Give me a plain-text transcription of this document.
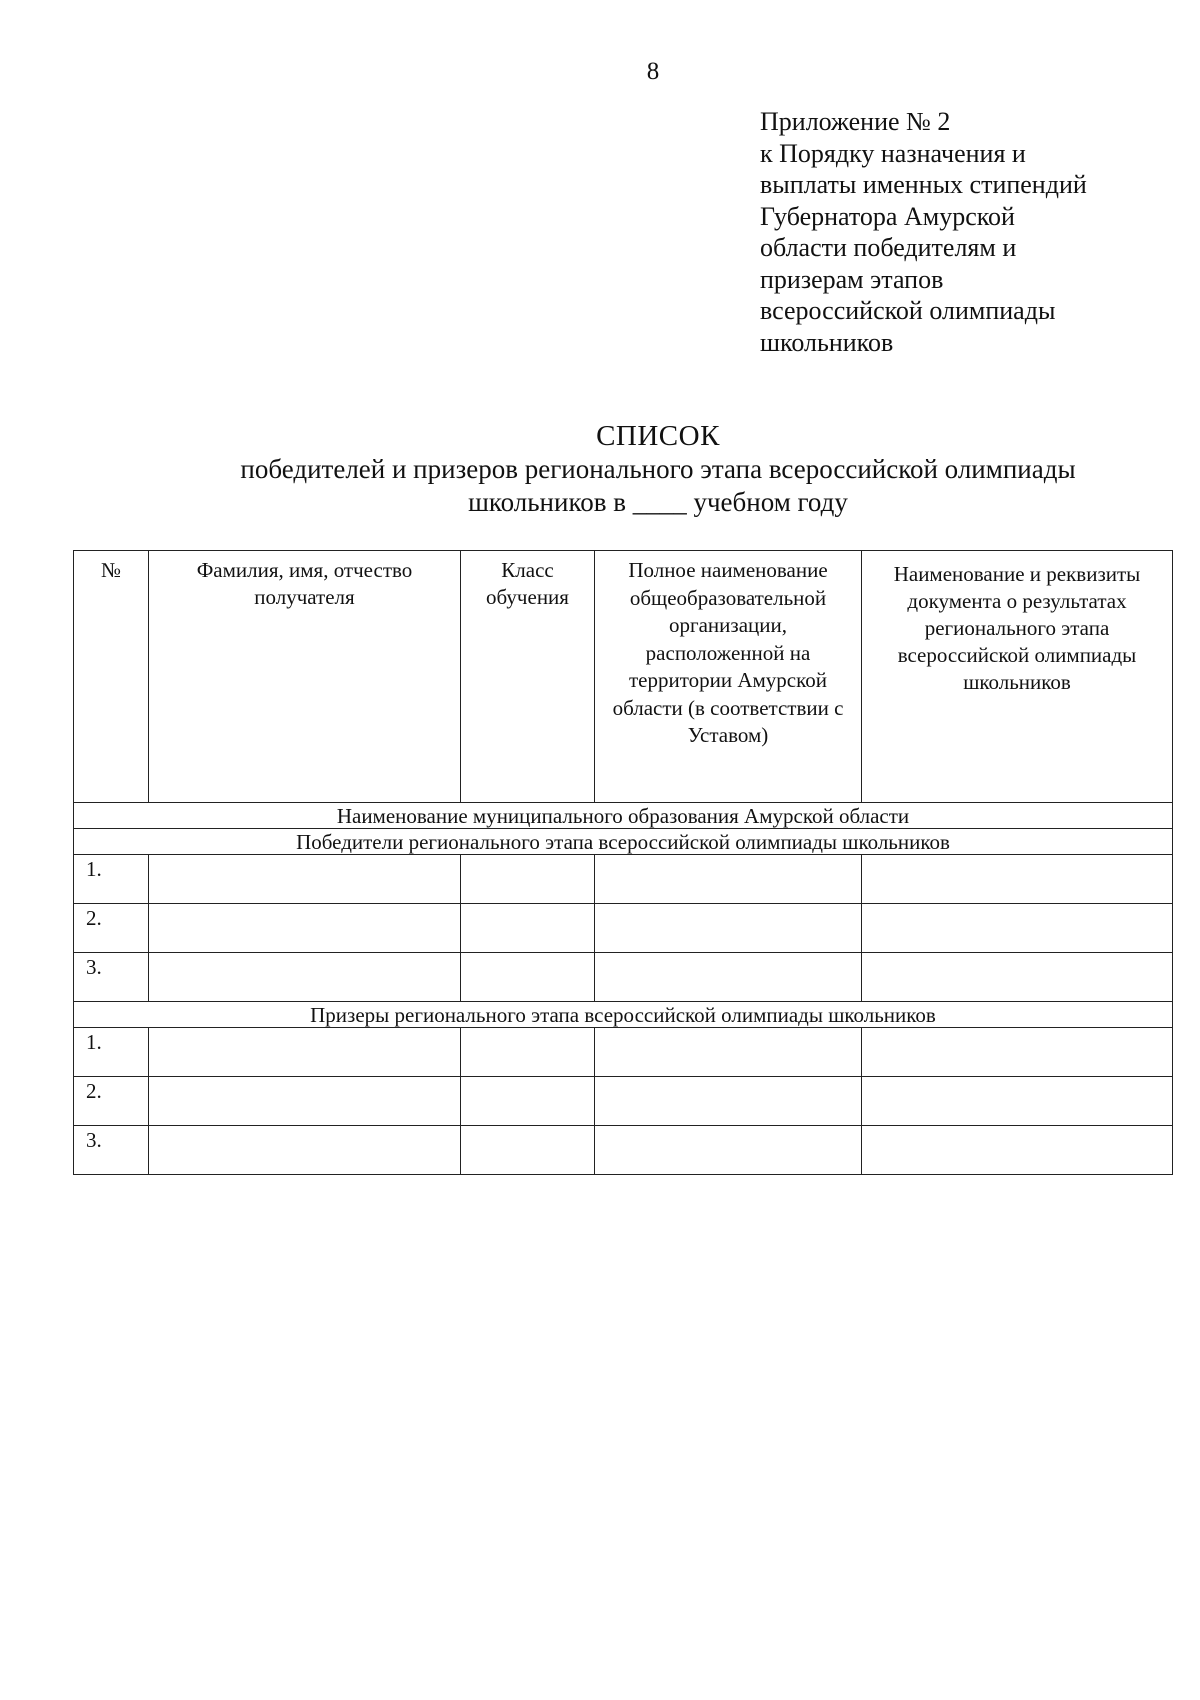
8
Приложение № 2
к Порядку назначения и
выплаты именных стипендий
Губернатора Амурской
области победителям и
призерам этапов
всероссийской олимпиады
школьников
СПИСОК
победителей и призеров регионального этапа всероссийской олимпиады
школьников в ____ учебном году
№	Фамилия, имя, отчество получателя	Класс обучения	Полное наименование общеобразовательной организации, расположенной на территории Амурской области (в соответствии с Уставом)	Наименование и реквизиты документа о результатах регионального этапа всероссийской олимпиады школьников
Наименование муниципального образования Амурской области				
Победители регионального этапа всероссийской олимпиады школьников				
1.				
2.				
3.				
Призеры регионального этапа всероссийской олимпиады школьников				
1.				
2.				
3.				
